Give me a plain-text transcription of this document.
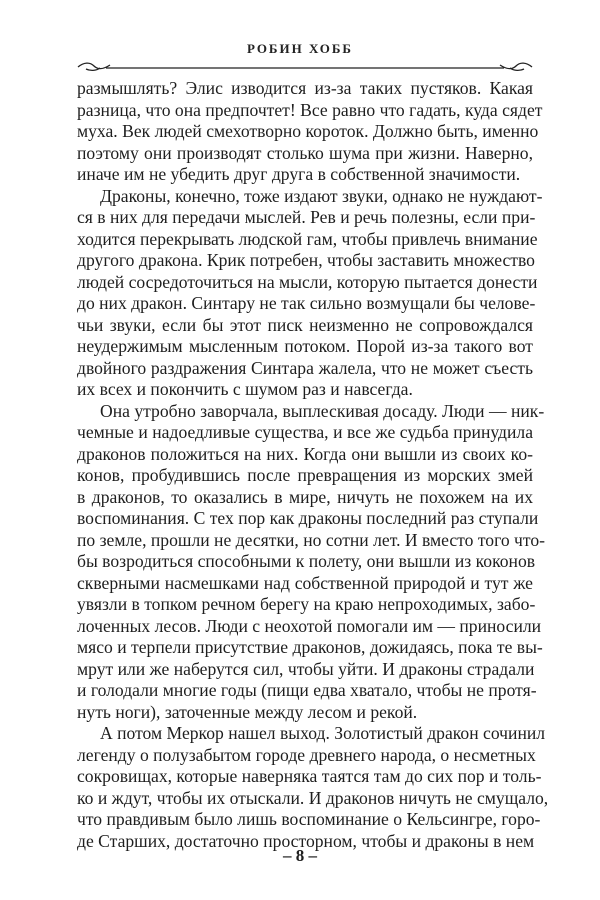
РОБИН ХОББ
размышлять? Элис изводится из-за таких пустяков. Какая
разница, что она предпочтет! Все равно что гадать, куда сядет
муха. Век людей смехотворно короток. Должно быть, именно
поэтому они производят столько шума при жизни. Наверно,
иначе им не убедить друг друга в собственной значимости.
Драконы, конечно, тоже издают звуки, однако не нуждают-
ся в них для передачи мыслей. Рев и речь полезны, если при-
ходится перекрывать людской гам, чтобы привлечь внимание
другого дракона. Крик потребен, чтобы заставить множество
людей сосредоточиться на мысли, которую пытается донести
до них дракон. Синтару не так сильно возмущали бы челове-
чьи звуки, если бы этот писк неизменно не сопровождался
неудержимым мысленным потоком. Порой из-за такого вот
двойного раздражения Синтара жалела, что не может съесть
их всех и покончить с шумом раз и навсегда.
Она утробно заворчала, выплескивая досаду. Люди — ник-
чемные и надоедливые существа, и все же судьба принудила
драконов положиться на них. Когда они вышли из своих ко-
конов, пробудившись после превращения из морских змей
в драконов, то оказались в мире, ничуть не похожем на их
воспоминания. С тех пор как драконы последний раз ступали
по земле, прошли не десятки, но сотни лет. И вместо того что-
бы возродиться способными к полету, они вышли из коконов
скверными насмешками над собственной природой и тут же
увязли в топком речном берегу на краю непроходимых, забо-
лоченных лесов. Люди с неохотой помогали им — приносили
мясо и терпели присутствие драконов, дожидаясь, пока те вы-
мрут или же наберутся сил, чтобы уйти. И драконы страдали
и голодали многие годы (пищи едва хватало, чтобы не протя-
нуть ноги), заточенные между лесом и рекой.
А потом Меркор нашел выход. Золотистый дракон сочинил
легенду о полузабытом городе древнего народа, о несметных
сокровищах, которые наверняка таятся там до сих пор и толь-
ко и ждут, чтобы их отыскали. И драконов ничуть не смущало,
что правдивым было лишь воспоминание о Кельсингре, горо-
де Старших, достаточно просторном, чтобы и драконы в нем
– 8 –
